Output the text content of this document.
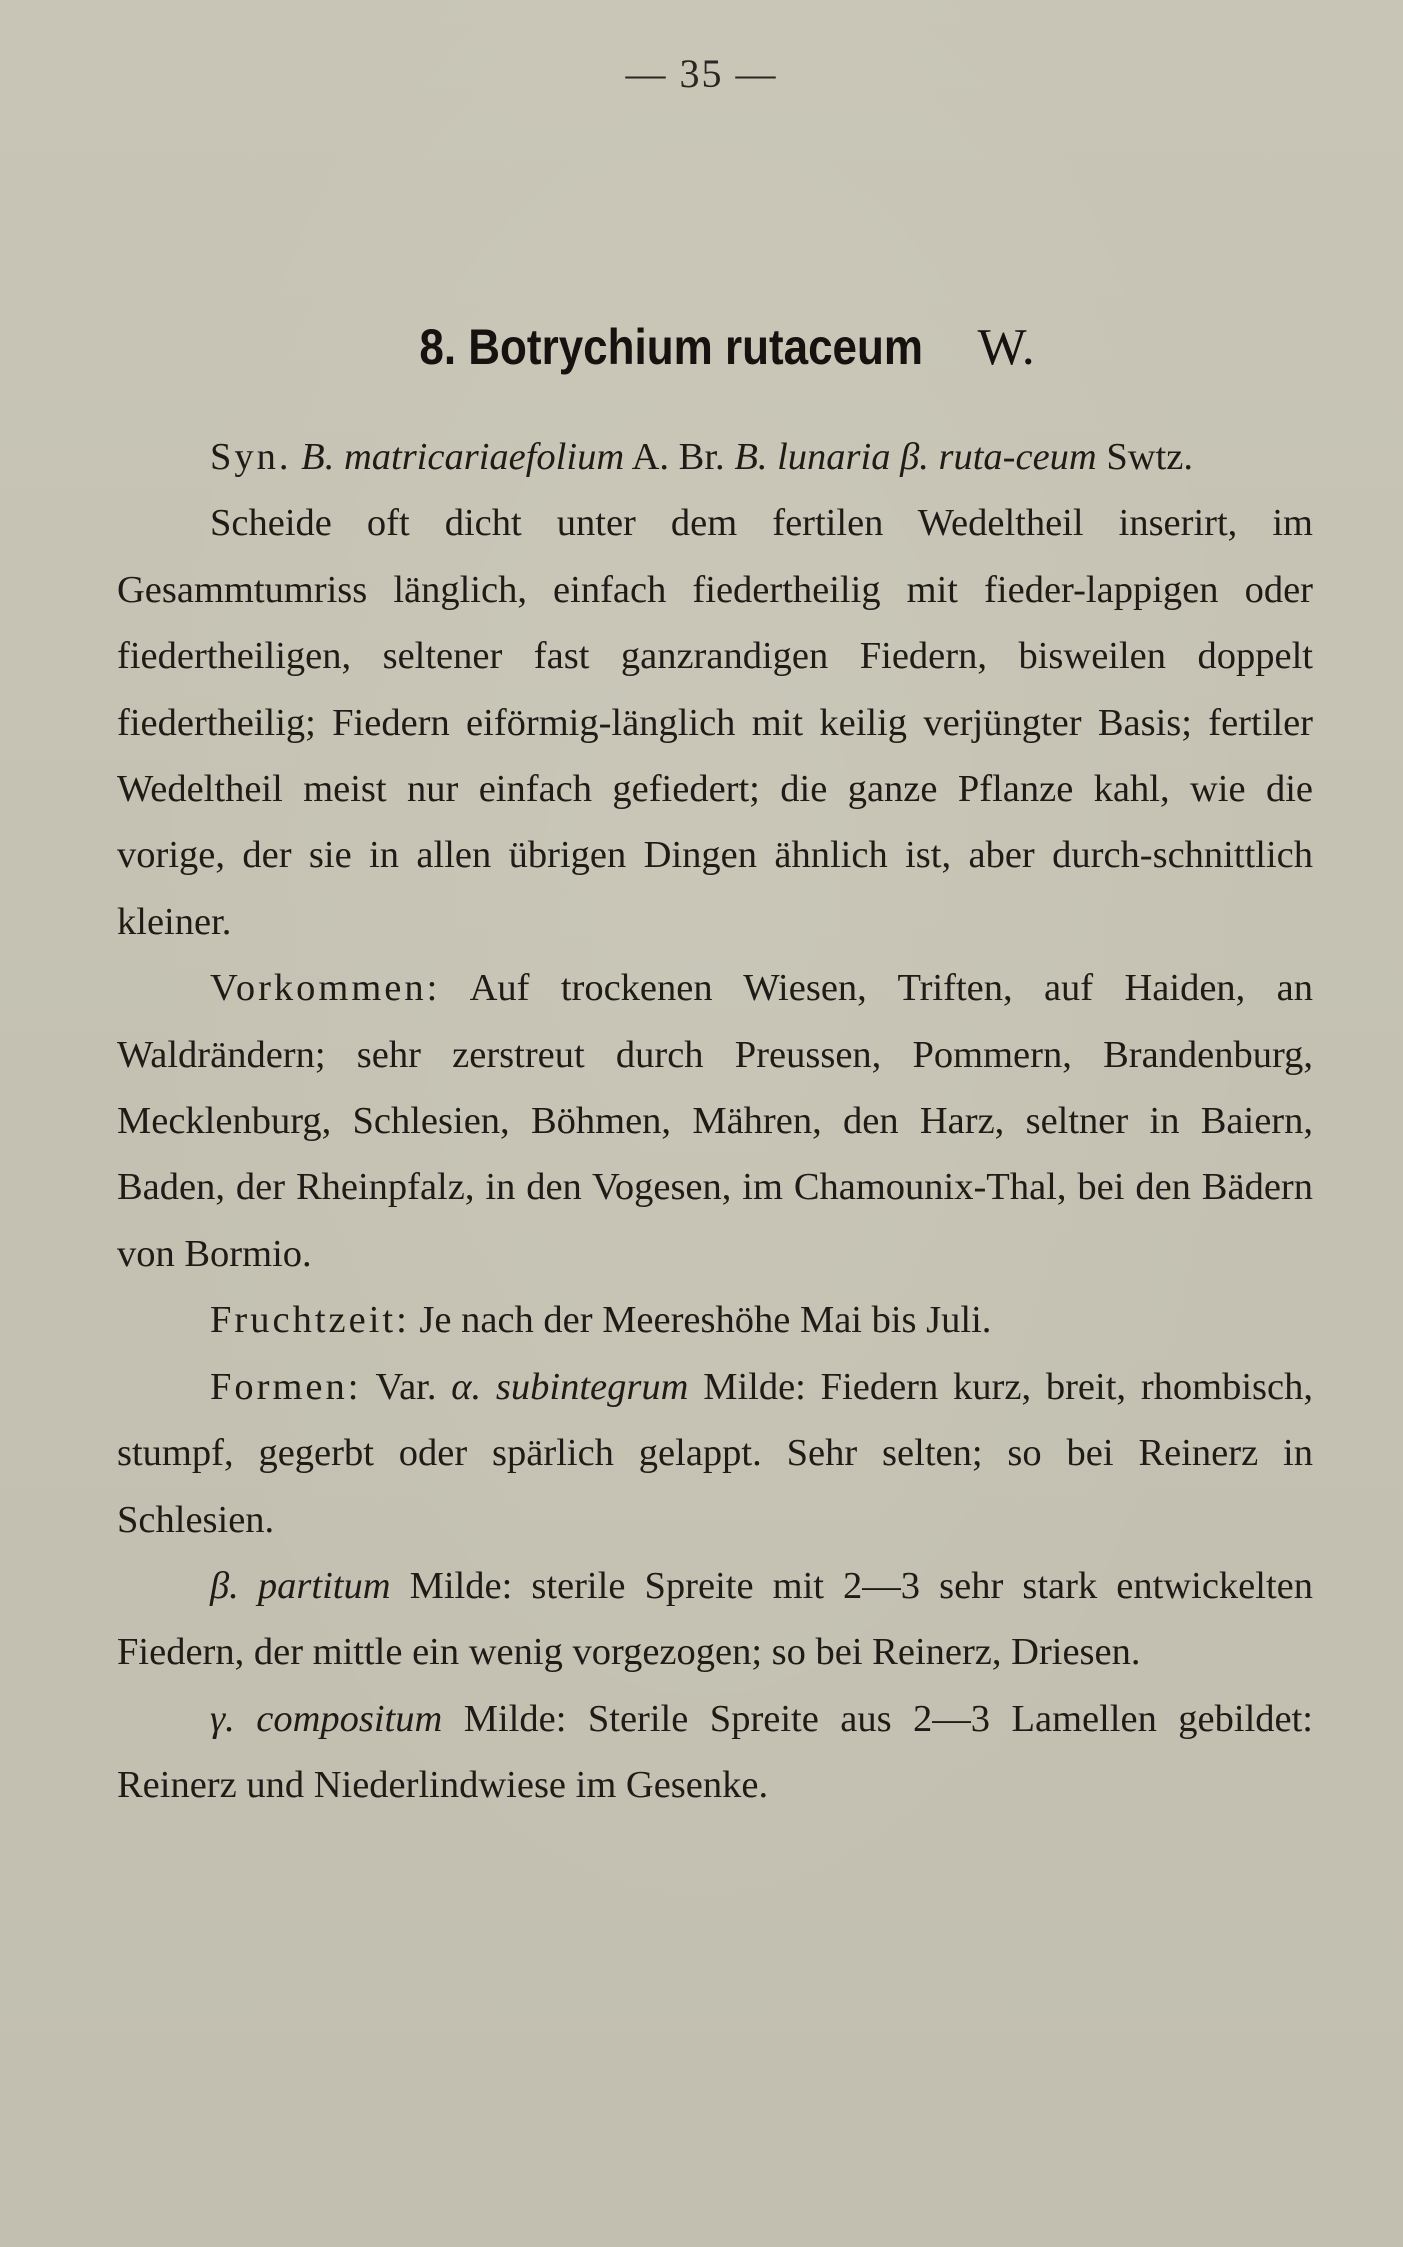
— 35 —
8. Botrychium rutaceum W.

Syn. B. matricariaefolium A. Br. B. lunaria β. ruta-ceum Swtz.

Scheide oft dicht unter dem fertilen Wedeltheil inserirt, im Gesammtumriss länglich, einfach fiedertheilig mit fieder-lappigen oder fiedertheiligen, seltener fast ganzrandigen Fiedern, bisweilen doppelt fiedertheilig; Fiedern eiförmig-länglich mit keilig verjüngter Basis; fertiler Wedeltheil meist nur einfach gefiedert; die ganze Pflanze kahl, wie die vorige, der sie in allen übrigen Dingen ähnlich ist, aber durch-schnittlich kleiner.

Vorkommen: Auf trockenen Wiesen, Triften, auf Haiden, an Waldrändern; sehr zerstreut durch Preussen, Pommern, Brandenburg, Mecklenburg, Schlesien, Böhmen, Mähren, den Harz, seltner in Baiern, Baden, der Rheinpfalz, in den Vogesen, im Chamounix-Thal, bei den Bädern von Bormio.

Fruchtzeit: Je nach der Meereshöhe Mai bis Juli.

Formen: Var. α. subintegrum Milde: Fiedern kurz, breit, rhombisch, stumpf, gegerbt oder spärlich gelappt. Sehr selten; so bei Reinerz in Schlesien.

β. partitum Milde: sterile Spreite mit 2—3 sehr stark entwickelten Fiedern, der mittle ein wenig vorgezogen; so bei Reinerz, Driesen.

γ. compositum Milde: Sterile Spreite aus 2—3 Lamellen gebildet: Reinerz und Niederlindwiese im Gesenke.
